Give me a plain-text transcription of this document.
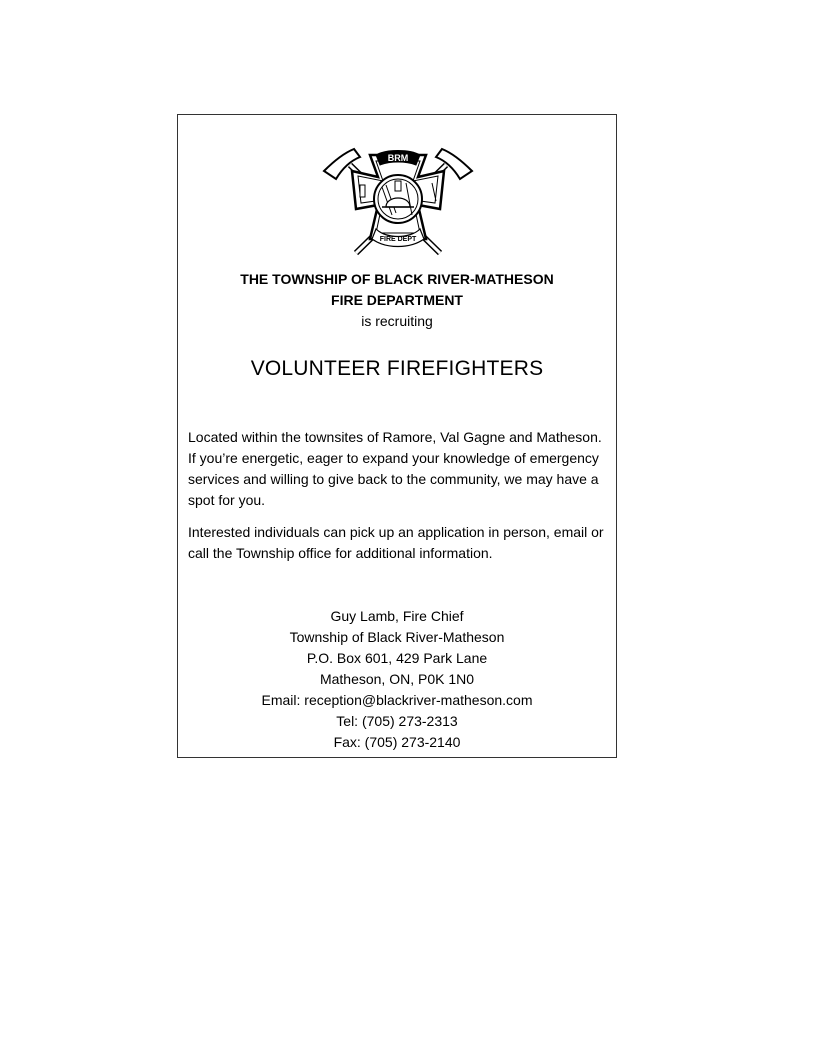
BRM
FIRE DEPT
THE TOWNSHIP OF BLACK RIVER-MATHESON
FIRE DEPARTMENT
is recruiting
VOLUNTEER FIREFIGHTERS
Located within the townsites of Ramore, Val Gagne and Matheson. If you’re energetic, eager to expand your knowledge of emergency services and willing to give back to the community, we may have a spot for you.
Interested individuals can pick up an application in person, email or call the Township office for additional information.
Guy Lamb, Fire Chief
Township of Black River-Matheson
P.O. Box 601, 429 Park Lane
Matheson, ON, P0K 1N0
Email: reception@blackriver-matheson.com
Tel: (705) 273-2313
Fax: (705) 273-2140
